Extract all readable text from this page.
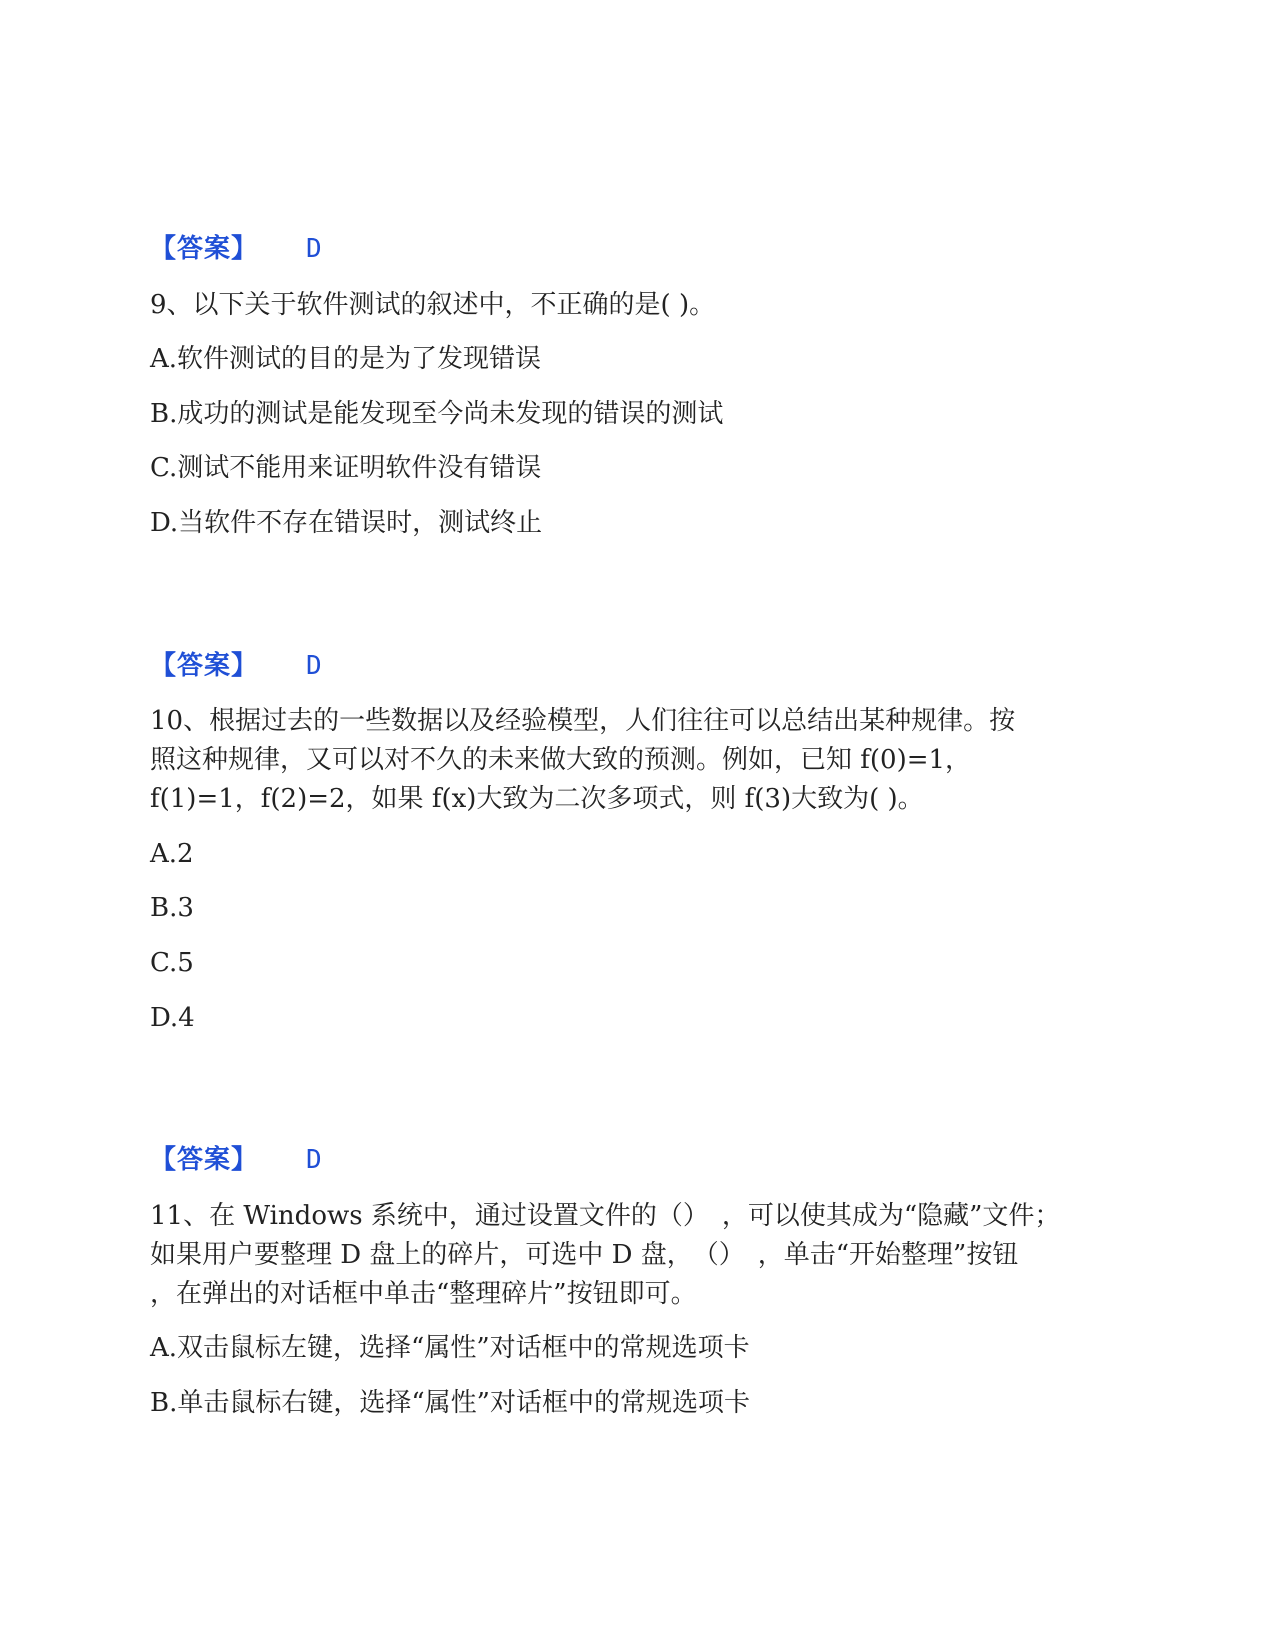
【答案】 D
9、以下关于软件测试的叙述中，不正确的是( )。
A.软件测试的目的是为了发现错误
B.成功的测试是能发现至今尚未发现的错误的测试
C.测试不能用来证明软件没有错误
D.当软件不存在错误时，测试终止
【答案】 D
10、根据过去的一些数据以及经验模型，人们往往可以总结出某种规律。按
照这种规律，又可以对不久的未来做大致的预测。例如，已知 f(0)=1，
f(1)=1，f(2)=2，如果 f(x)大致为二次多项式，则 f(3)大致为( )。
A.2
B.3
C.5
D.4
【答案】 D
11、在 Windows 系统中，通过设置文件的（）　，可以使其成为“隐藏”文件；
如果用户要整理 D 盘上的碎片，可选中 D 盘，　（）　，单击“开始整理”按钮
，在弹出的对话框中单击“整理碎片”按钮即可。
A.双击鼠标左键，选择“属性”对话框中的常规选项卡
B.单击鼠标右键，选择“属性”对话框中的常规选项卡
